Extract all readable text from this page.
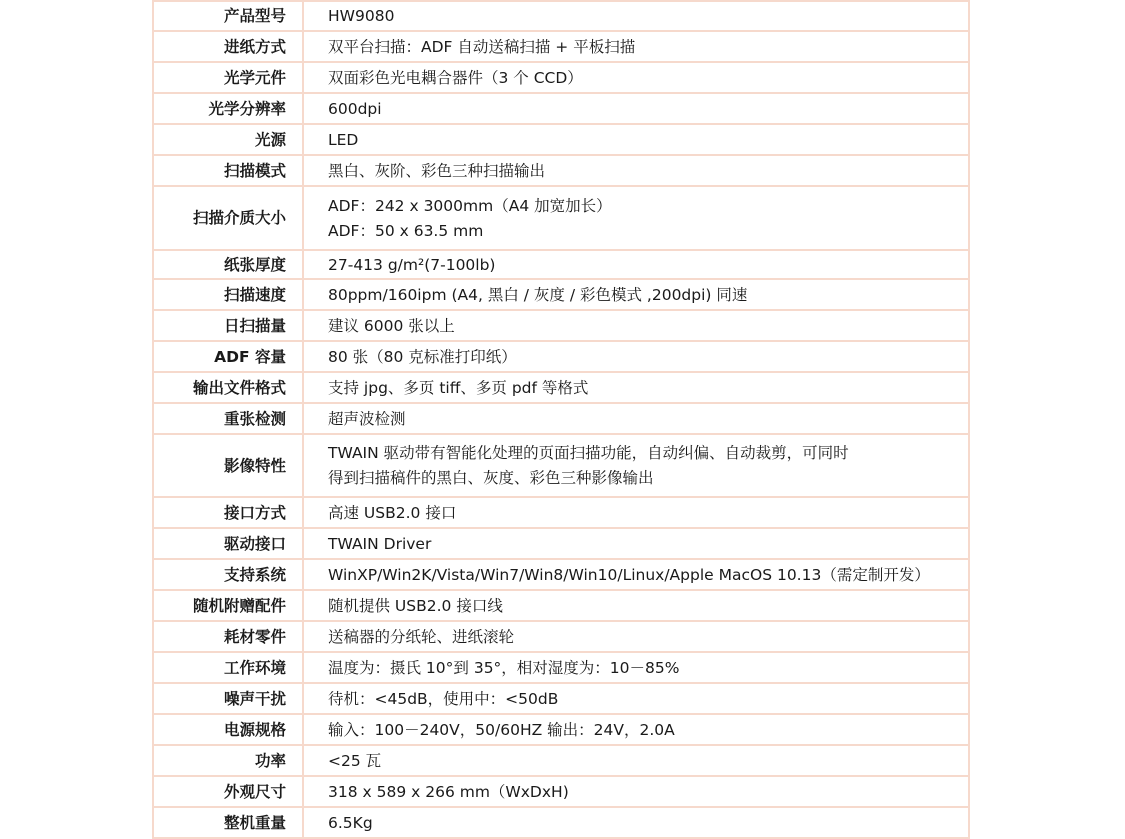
产品型号	HW9080

进纸方式	双平台扫描：ADF 自动送稿扫描 + 平板扫描

光学元件	双面彩色光电耦合器件（3 个 CCD）

光学分辨率	600dpi

光源	LED

扫描模式	黑白、灰阶、彩色三种扫描输出

扫描介质大小	ADF：242 x 3000mm（A4 加宽加长）
ADF：50 x 63.5 mm

纸张厚度	27-413 g/m²(7-100lb)

扫描速度	80ppm/160ipm (A4, 黑白 / 灰度 / 彩色模式 ,200dpi) 同速

日扫描量	建议 6000 张以上

ADF 容量	80 张（80 克标准打印纸）

输出文件格式	支持 jpg、多页 tiff、多页 pdf 等格式

重张检测	超声波检测

影像特性	TWAIN 驱动带有智能化处理的页面扫描功能，自动纠偏、自动裁剪，可同时
得到扫描稿件的黑白、灰度、彩色三种影像输出

接口方式	高速 USB2.0 接口

驱动接口	TWAIN Driver

支持系统	WinXP/Win2K/Vista/Win7/Win8/Win10/Linux/Apple MacOS 10.13（需定制开发）

随机附赠配件	随机提供 USB2.0 接口线

耗材零件	送稿器的分纸轮、进纸滚轮

工作环境	温度为：摄氏 10°到 35°，相对湿度为：10－85%

噪声干扰	待机：<45dB，使用中：<50dB

电源规格	输入：100－240V，50/60HZ 输出：24V，2.0A

功率	<25 瓦

外观尺寸	318 x 589 x 266 mm（WxDxH)

整机重量	6.5Kg
